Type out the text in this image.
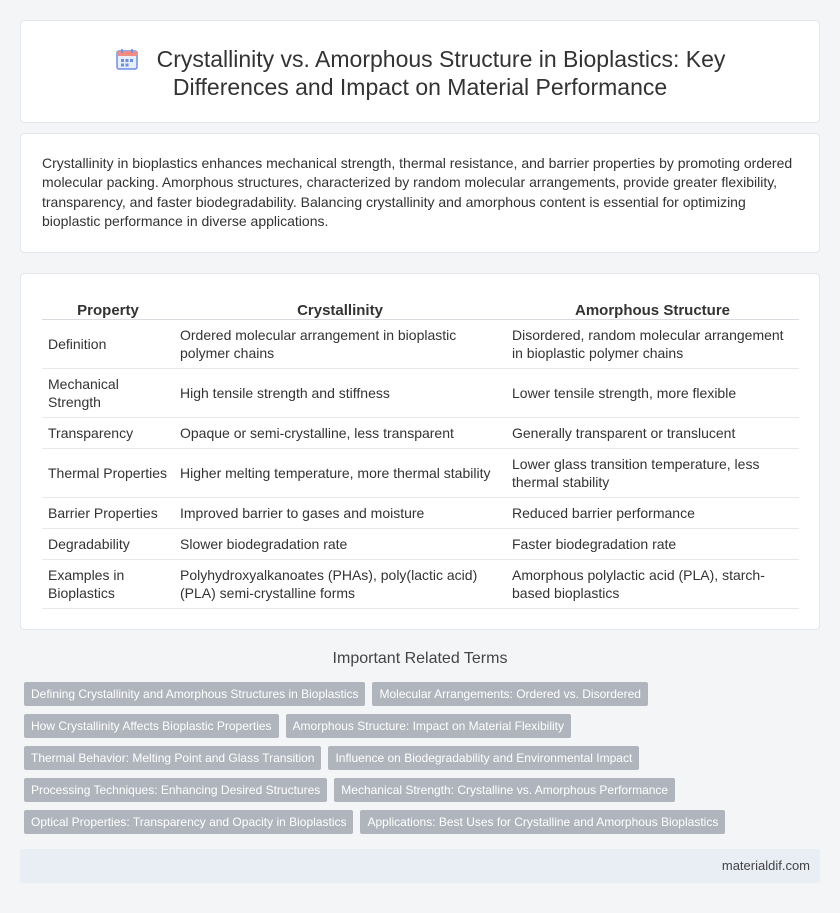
Crystallinity vs. Amorphous Structure in Bioplastics: Key Differences and Impact on Material Performance

Crystallinity in bioplastics enhances mechanical strength, thermal resistance, and barrier properties by promoting ordered molecular packing. Amorphous structures, characterized by random molecular arrangements, provide greater flexibility, transparency, and faster biodegradability. Balancing crystallinity and amorphous content is essential for optimizing bioplastic performance in diverse applications.

Property	Crystallinity	Amorphous Structure
Definition	Ordered molecular arrangement in bioplastic polymer chains	Disordered, random molecular arrangement in bioplastic polymer chains
Mechanical Strength	High tensile strength and stiffness	Lower tensile strength, more flexible
Transparency	Opaque or semi-crystalline, less transparent	Generally transparent or translucent
Thermal Properties	Higher melting temperature, more thermal stability	Lower glass transition temperature, less thermal stability
Barrier Properties	Improved barrier to gases and moisture	Reduced barrier performance
Degradability	Slower biodegradation rate	Faster biodegradation rate
Examples in Bioplastics	Polyhydroxyalkanoates (PHAs), poly(lactic acid) (PLA) semi-crystalline forms	Amorphous polylactic acid (PLA), starch-based bioplastics
Important Related Terms
Defining Crystallinity and Amorphous Structures in Bioplastics	Molecular Arrangements: Ordered vs. Disordered
How Crystallinity Affects Bioplastic Properties	Amorphous Structure: Impact on Material Flexibility
Thermal Behavior: Melting Point and Glass Transition	Influence on Biodegradability and Environmental Impact
Processing Techniques: Enhancing Desired Structures	Mechanical Strength: Crystalline vs. Amorphous Performance
Optical Properties: Transparency and Opacity in Bioplastics	Applications: Best Uses for Crystalline and Amorphous Bioplastics
materialdif.com
